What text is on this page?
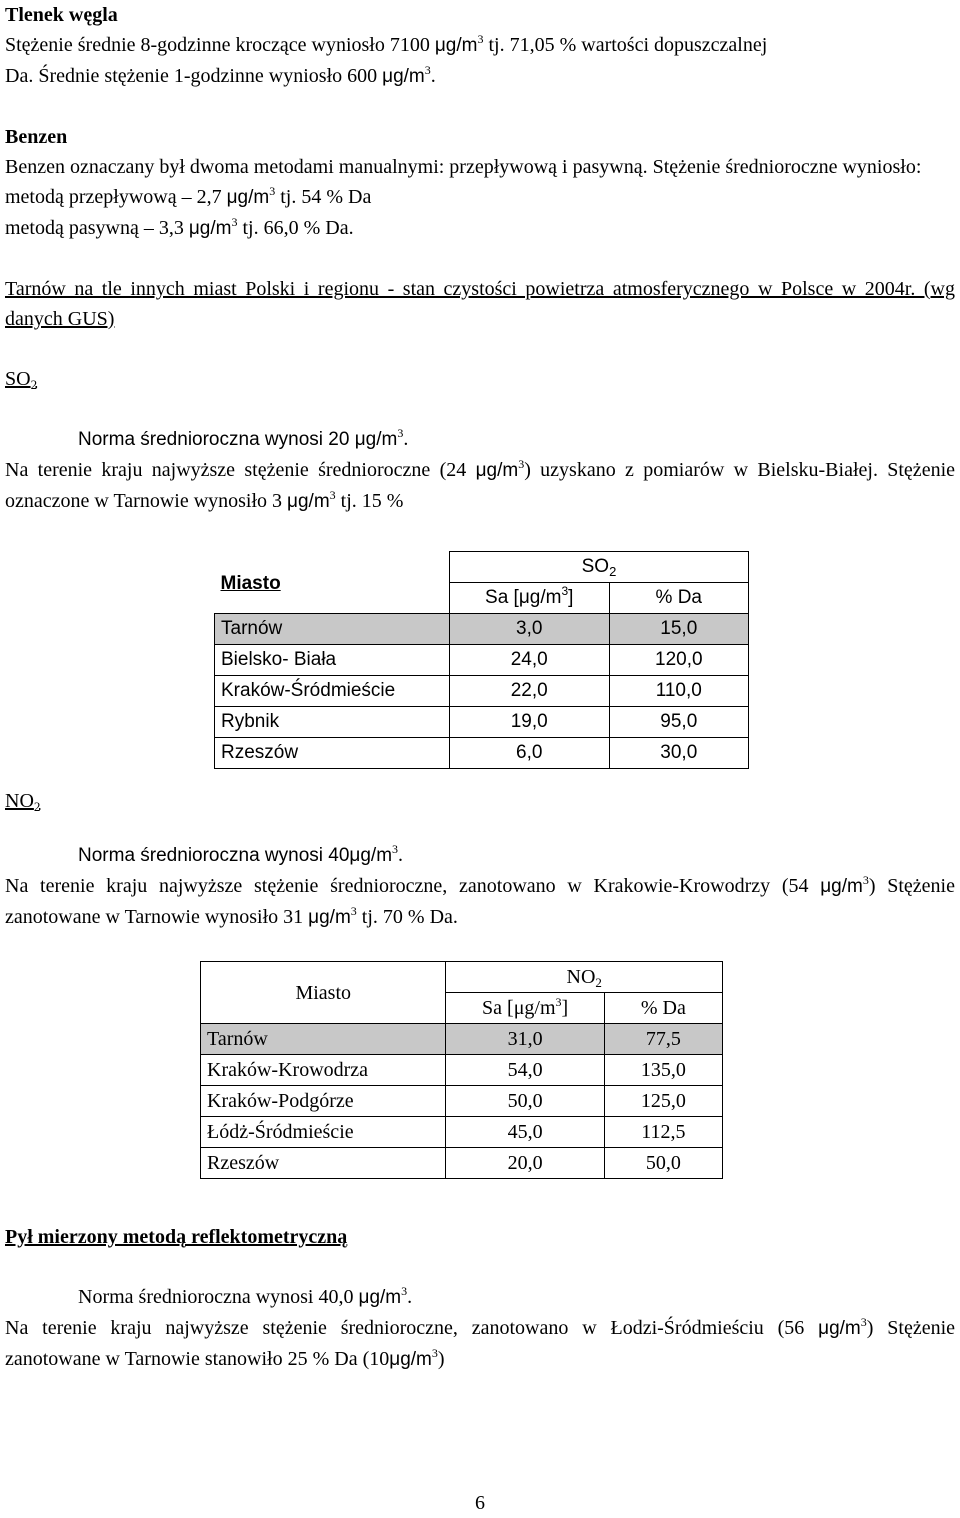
Tlenek węgla

Stężenie średnie 8-godzinne kroczące wyniosło 7100 $\mu g/m^3$ tj. 71,05 % wartości dopuszczalnej

Da. Średnie stężenie 1-godzinne wyniosło 600 $\mu g/m^3$.

Benzen

Benzen oznaczany był dwoma metodami manualnymi: przepływową i pasywną. Stężenie średnioroczne wyniosło:

metodą przepływową – 2,7 $\mu g/m^3$ tj. 54 % Da

metodą pasywną – 3,3 $\mu g/m^3$ tj. 66,0 % Da.

Tarnów na tle innych miast Polski i regionu - stan czystości powietrza atmosferycznego w Polsce w 2004r. (wg danych GUS)

$SO_2$

Norma średnioroczna wynosi 20 $\mu g/m^3$.

Na terenie kraju najwyższe stężenie średnioroczne (24 $\mu g/m^3$) uzyskano z pomiarów w Bielsku-Białej. Stężenie oznaczone w Tarnowie wynosiło 3 $\mu g/m^3$ tj. 15 %

Miasto	$SO_2$
	Sa $[\mu g/m^3]$	% Da
Tarnów	3,0	15,0
Bielsko- Biała	24,0	120,0
Kraków-Śródmieście	22,0	110,0
Rybnik	19,0	95,0
Rzeszów	6,0	30,0

$NO_2$

Norma średnioroczna wynosi $40\mu g/m^3$.

Na terenie kraju najwyższe stężenie średnioroczne, zanotowano w Krakowie-Krowodrzy (54 $\mu g/m^3$) Stężenie zanotowane w Tarnowie wynosiło 31 $\mu g/m^3$ tj. 70 % Da.

Miasto	$NO_2$
	Sa $[\mu g/m^3]$	% Da
Tarnów	31,0	77,5
Kraków-Krowodrza	54,0	135,0
Kraków-Podgórze	50,0	125,0
Łódż-Śródmieście	45,0	112,5
Rzeszów	20,0	50,0

Pył mierzony metodą reflektometryczną

Norma średnioroczna wynosi 40,0 $\mu g/m^3$.

Na terenie kraju najwyższe stężenie średnioroczne, zanotowano w Łodzi-Śródmieściu (56 $\mu g/m^3$) Stężenie zanotowane w Tarnowie stanowiło 25 % Da $(10\mu g/m^3)$

6
